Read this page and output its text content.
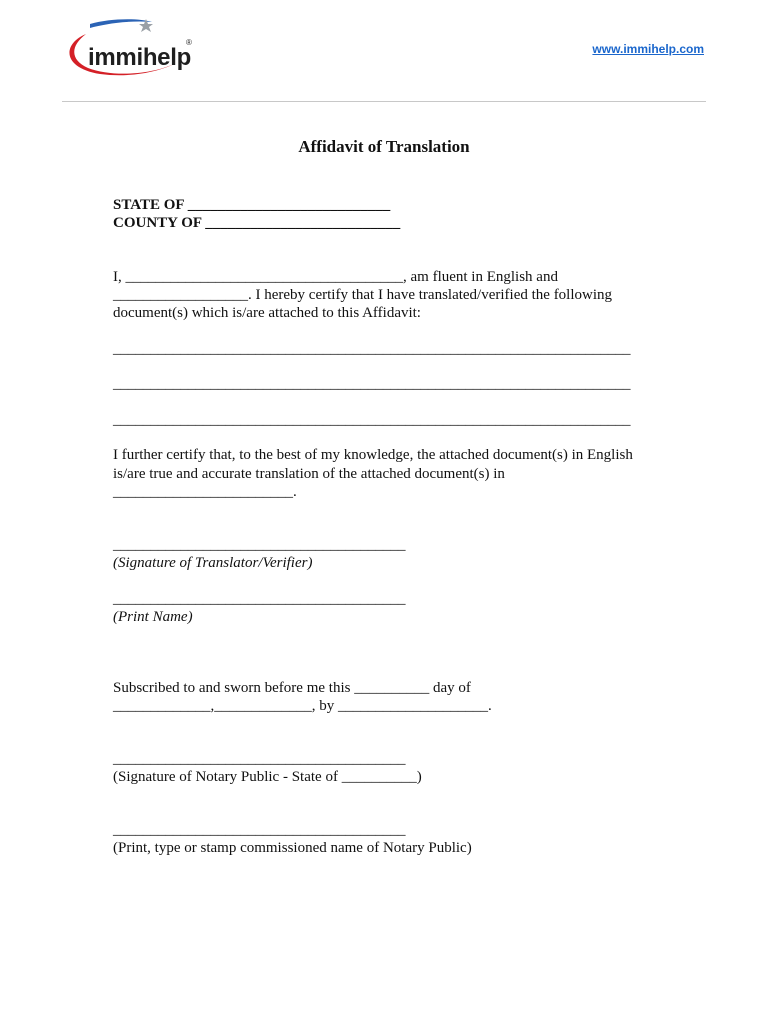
immihelp
®	www.immihelp.com
Affidavit of Translation
STATE OF ___________________________
COUNTY OF __________________________
I, _____________________________________, am fluent in English and
__________________. I hereby certify that I have translated/verified the following
document(s) which is/are attached to this Affidavit:
_____________________________________________________________________
_____________________________________________________________________
_____________________________________________________________________
I further certify that, to the best of my knowledge, the attached document(s) in English
is/are true and accurate translation of the attached document(s) in
________________________.
_______________________________________
(Signature of Translator/Verifier)
_______________________________________
(Print Name)
Subscribed to and sworn before me this __________ day of
_____________,_____________, by ____________________.
_______________________________________
(Signature of Notary Public - State of __________)
_______________________________________
(Print, type or stamp commissioned name of Notary Public)
